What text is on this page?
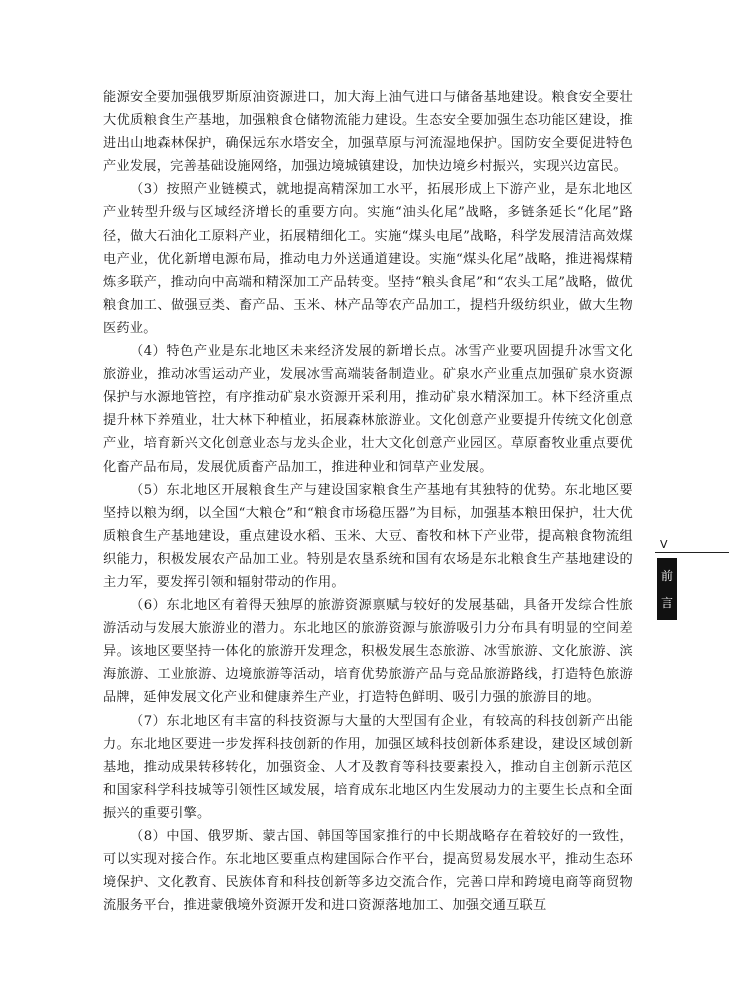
能源安全要加强俄罗斯原油资源进口，加大海上油气进口与储备基地建设。粮食安全要壮大优质粮食生产基地，加强粮食仓储物流能力建设。生态安全要加强生态功能区建设，推进出山地森林保护，确保远东水塔安全，加强草原与河流湿地保护。国防安全要促进特色产业发展，完善基础设施网络，加强边境城镇建设，加快边境乡村振兴，实现兴边富民。

（3）按照产业链模式，就地提高精深加工水平，拓展形成上下游产业，是东北地区产业转型升级与区域经济增长的重要方向。实施“油头化尾”战略，多链条延长“化尾”路径，做大石油化工原料产业，拓展精细化工。实施“煤头电尾”战略，科学发展清洁高效煤电产业，优化新增电源布局，推动电力外送通道建设。实施“煤头化尾”战略，推进褐煤精炼多联产，推动向中高端和精深加工产品转变。坚持“粮头食尾”和“农头工尾”战略，做优粮食加工、做强豆类、畜产品、玉米、林产品等农产品加工，提档升级纺织业，做大生物医药业。

（4）特色产业是东北地区未来经济发展的新增长点。冰雪产业要巩固提升冰雪文化旅游业，推动冰雪运动产业，发展冰雪高端装备制造业。矿泉水产业重点加强矿泉水资源保护与水源地管控，有序推动矿泉水资源开采利用，推动矿泉水精深加工。林下经济重点提升林下养殖业，壮大林下种植业，拓展森林旅游业。文化创意产业要提升传统文化创意产业，培育新兴文化创意业态与龙头企业，壮大文化创意产业园区。草原畜牧业重点要优化畜产品布局，发展优质畜产品加工，推进种业和饲草产业发展。

（5）东北地区开展粮食生产与建设国家粮食生产基地有其独特的优势。东北地区要坚持以粮为纲，以全国“大粮仓”和“粮食市场稳压器”为目标，加强基本粮田保护，壮大优质粮食生产基地建设，重点建设水稻、玉米、大豆、畜牧和林下产业带，提高粮食物流组织能力，积极发展农产品加工业。特别是农垦系统和国有农场是东北粮食生产基地建设的主力军，要发挥引领和辐射带动的作用。

（6）东北地区有着得天独厚的旅游资源禀赋与较好的发展基础，具备开发综合性旅游活动与发展大旅游业的潜力。东北地区的旅游资源与旅游吸引力分布具有明显的空间差异。该地区要坚持一体化的旅游开发理念，积极发展生态旅游、冰雪旅游、文化旅游、滨海旅游、工业旅游、边境旅游等活动，培育优势旅游产品与竞品旅游路线，打造特色旅游品牌，延伸发展文化产业和健康养生产业，打造特色鲜明、吸引力强的旅游目的地。

（7）东北地区有丰富的科技资源与大量的大型国有企业，有较高的科技创新产出能力。东北地区要进一步发挥科技创新的作用，加强区域科技创新体系建设，建设区域创新基地，推动成果转移转化，加强资金、人才及教育等科技要素投入，推动自主创新示范区和国家科学科技城等引领性区域发展，培育成东北地区内生发展动力的主要生长点和全面振兴的重要引擎。

（8）中国、俄罗斯、蒙古国、韩国等国家推行的中长期战略存在着较好的一致性，可以实现对接合作。东北地区要重点构建国际合作平台，提高贸易发展水平，推动生态环境保护、文化教育、民族体育和科技创新等多边交流合作，完善口岸和跨境电商等商贸物流服务平台，推进蒙俄境外资源开发和进口资源落地加工、加强交通互联互

V
前
言
